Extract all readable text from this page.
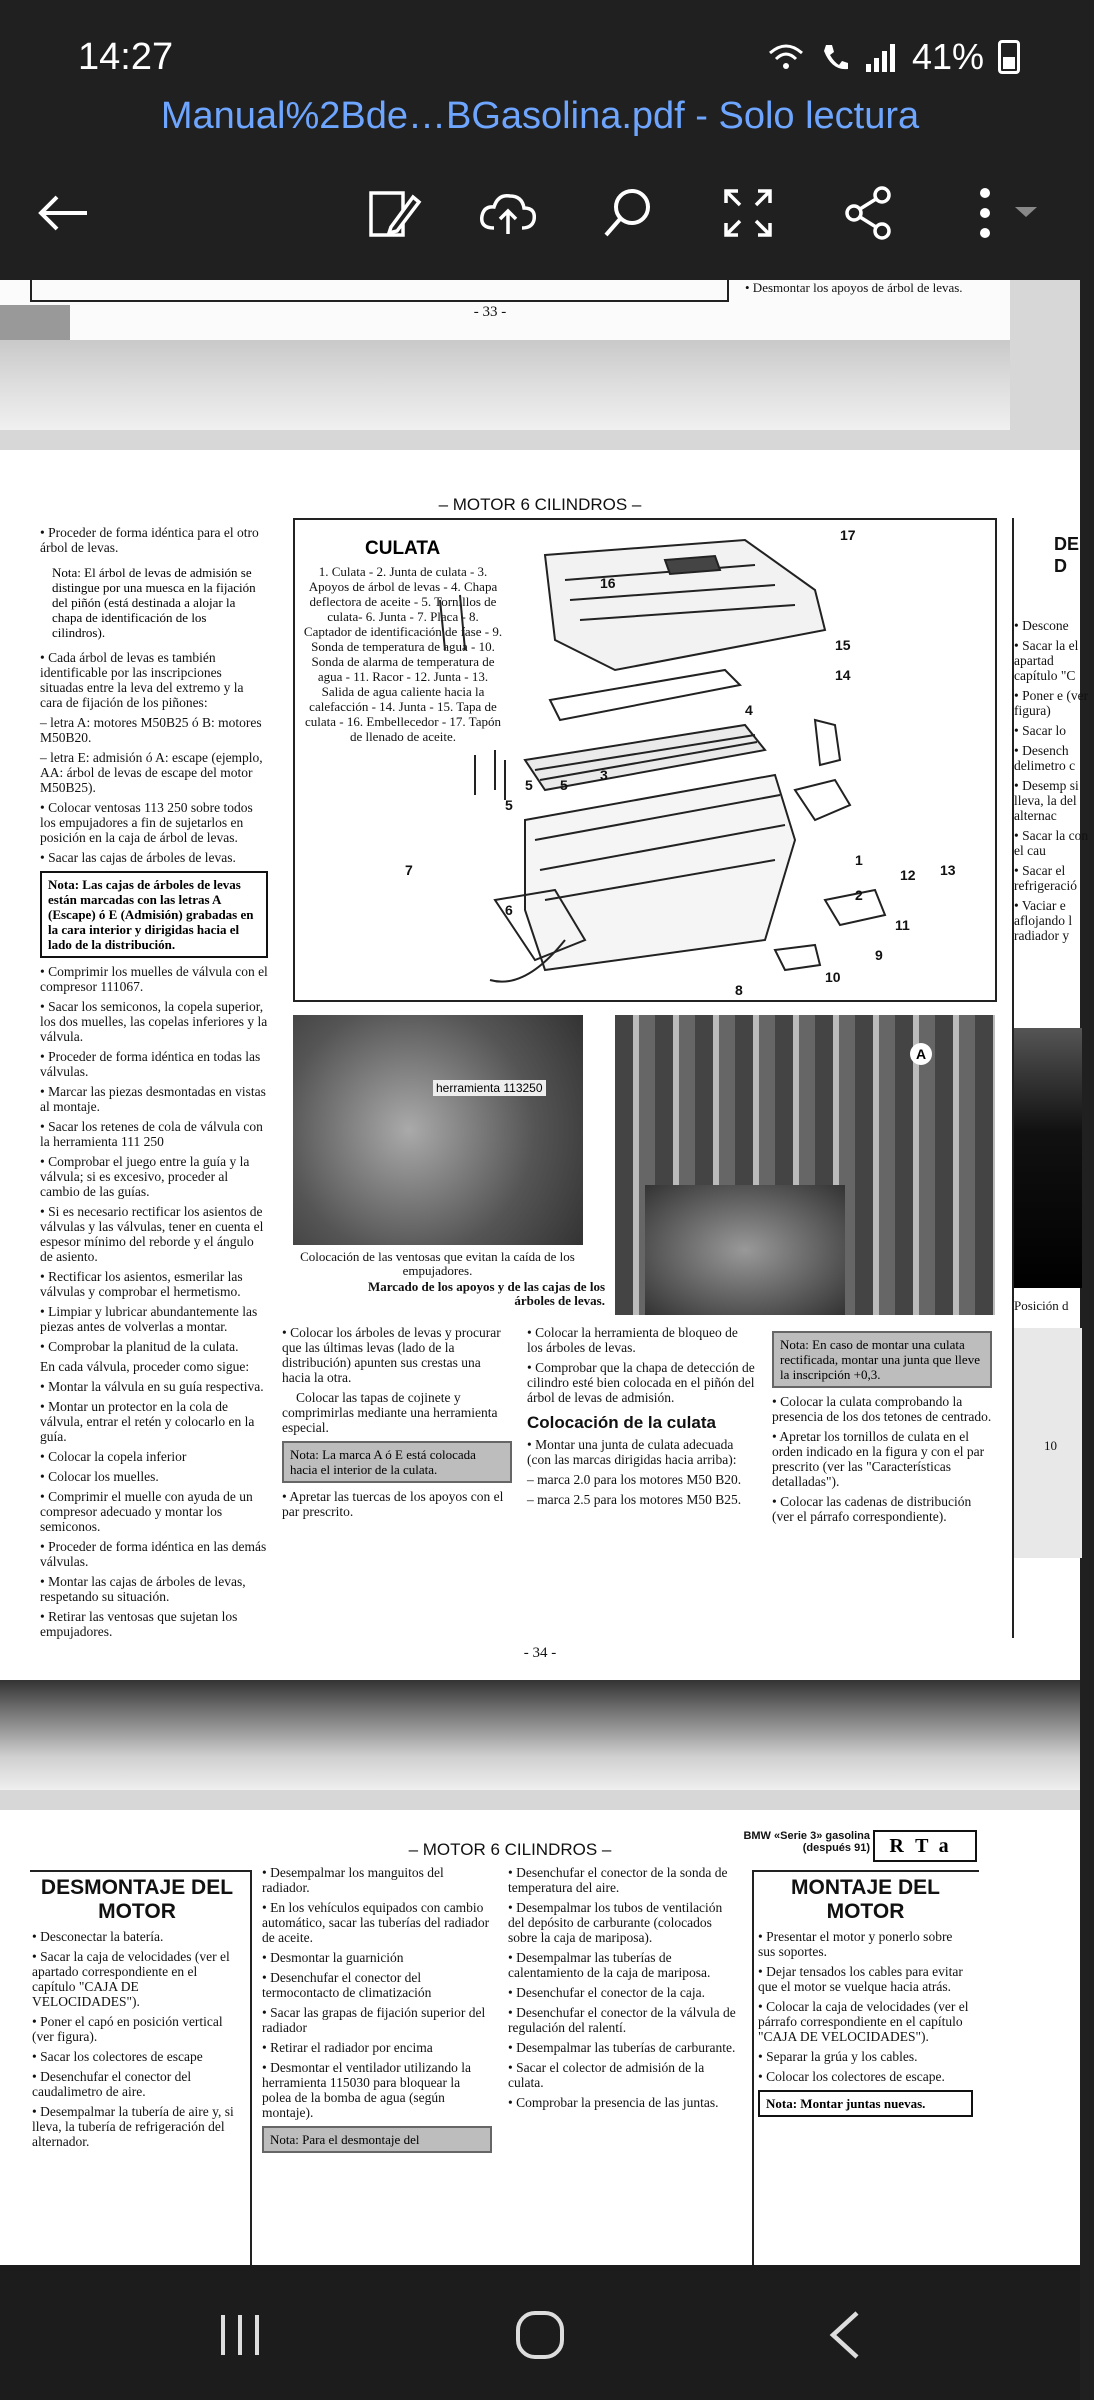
14:27	41%
Manual%2Bde…BGasolina.pdf - Solo lectura
• Desmontar los apoyos de árbol de levas.
- 33 -
– MOTOR 6 CILINDROS –

• Proceder de forma idéntica para el otro árbol de levas.

Nota: El árbol de levas de admisión se distingue por una muesca en la fijación del piñón (está destinada a alojar la chapa de identificación de los cilindros).

• Cada árbol de levas es también identificable por las inscripciones situadas entre la leva del extremo y la cara de fijación de los piñones:

– letra A: motores M50B25 ó B: motores M50B20.

– letra E: admisión ó A: escape (ejemplo, AA: árbol de levas de escape del motor M50B25).

• Colocar ventosas 113 250 sobre todos los empujadores a fin de sujetarlos en posición en la caja de árbol de levas.

• Sacar las cajas de árboles de levas.

Nota: Las cajas de árboles de levas están marcadas con las letras A (Escape) ó E (Admisión) grabadas en la cara interior y dirigidas hacia el lado de la distribución.

• Comprimir los muelles de válvula con el compresor 111067.

• Sacar los semiconos, la copela superior, los dos muelles, las copelas inferiores y la válvula.

• Proceder de forma idéntica en todas las válvulas.

• Marcar las piezas desmontadas en vistas al montaje.

• Sacar los retenes de cola de válvula con la herramienta 111 250

• Comprobar el juego entre la guía y la válvula; si es excesivo, proceder al cambio de las guías.

• Si es necesario rectificar los asientos de válvulas y las válvulas, tener en cuenta el espesor mínimo del reborde y el ángulo de asiento.

• Rectificar los asientos, esmerilar las válvulas y comprobar el hermetismo.

• Limpiar y lubricar abundantemente las piezas antes de volverlas a montar.

• Comprobar la planitud de la culata.

En cada válvula, proceder como sigue:

• Montar la válvula en su guía respectiva.

• Montar un protector en la cola de válvula, entrar el retén y colocarlo en la guía.

• Colocar la copela inferior

• Colocar los muelles.

• Comprimir el muelle con ayuda de un compresor adecuado y montar los semiconos.

• Proceder de forma idéntica en las demás válvulas.

• Montar las cajas de árboles de levas, respetando su situación.

• Retirar las ventosas que sujetan los empujadores.

CULATA
1. Culata - 2. Junta de culata - 3. Apoyos de árbol de levas - 4. Chapa deflectora de aceite - 5. Tornillos de culata- 6. Junta - 7. Placa - 8. Captador de identificación de fase - 9. Sonda de temperatura de agua - 10. Sonda de alarma de temperatura de agua - 11. Racor - 12. Junta - 13. Salida de agua caliente hacia la calefacción - 14. Junta - 15. Tapa de culata - 16. Embellecedor - 17. Tapón de llenado de aceite.
17
16
15
14
4
3
5 5
5
1
2
7
6
12 13
11
9
10
8
herramienta 113250
Colocación de las ventosas que evitan la caída de los empujadores.
Marcado de los apoyos y de las cajas de los árboles de levas.
A

• Colocar los árboles de levas y procurar que las últimas levas (lado de la distribución) apunten sus crestas una hacia la otra.

Colocar las tapas de cojinete y comprimirlas mediante una herramienta especial.

Nota: La marca A ó E está colocada hacia el interior de la culata.

• Apretar las tuercas de los apoyos con el par prescrito.

• Colocar la herramienta de bloqueo de los árboles de levas.

• Comprobar que la chapa de detección de cilindro esté bien colocada en el piñón del árbol de levas de admisión.

Colocación de la culata

• Montar una junta de culata adecuada (con las marcas dirigidas hacia arriba):

– marca 2.0 para los motores M50 B20.

– marca 2.5 para los motores M50 B25.

Nota: En caso de montar una culata rectificada, montar una junta que lleve la inscripción +0,3.

• Colocar la culata comprobando la presencia de los dos tetones de centrado.

• Apretar los tornillos de culata en el orden indicado en la figura y con el par prescrito (ver las "Características detalladas").

• Colocar las cadenas de distribución (ver el párrafo correspondiente).

DE D

• Descone

• Sacar la el apartad capítulo "C

• Poner e (ver figura)

• Sacar lo

• Desench delimetro c

• Desemp si lleva, la del alternac

• Sacar la con el cau

• Sacar el refrigeració

• Vaciar e aflojando l radiador y

Posición d
10
- 34 -
– MOTOR 6 CILINDROS –
BMW «Serie 3» gasolina (después 91) RTa

DESMONTAJE DEL MOTOR

• Desconectar la batería.

• Sacar la caja de velocidades (ver el apartado correspondiente en el capítulo "CAJA DE VELOCIDADES").

• Poner el capó en posición vertical (ver figura).

• Sacar los colectores de escape

• Desenchufar el conector del caudalimetro de aire.

• Desempalmar la tubería de aire y, si lleva, la tubería de refrigeración del alternador.

• Desempalmar los manguitos del radiador.

• En los vehículos equipados con cambio automático, sacar las tuberías del radiador de aceite.

• Desmontar la guarnición

• Desenchufar el conector del termocontacto de climatización

• Sacar las grapas de fijación superior del radiador

• Retirar el radiador por encima

• Desmontar el ventilador utilizando la herramienta 115030 para bloquear la polea de la bomba de agua (según montaje).

Nota: Para el desmontaje del

• Desenchufar el conector de la sonda de temperatura del aire.

• Desempalmar los tubos de ventilación del depósito de carburante (colocados sobre la caja de mariposa).

• Desempalmar las tuberías de calentamiento de la caja de mariposa.

• Desenchufar el conector de la caja.

• Desenchufar el conector de la válvula de regulación del ralentí.

• Desempalmar las tuberías de carburante.

• Sacar el colector de admisión de la culata.

• Comprobar la presencia de las juntas.

MONTAJE DEL MOTOR

• Presentar el motor y ponerlo sobre sus soportes.

• Dejar tensados los cables para evitar que el motor se vuelque hacia atrás.

• Colocar la caja de velocidades (ver el párrafo correspondiente en el capítulo "CAJA DE VELOCIDADES").

• Separar la grúa y los cables.

• Colocar los colectores de escape.

Nota: Montar juntas nuevas.
